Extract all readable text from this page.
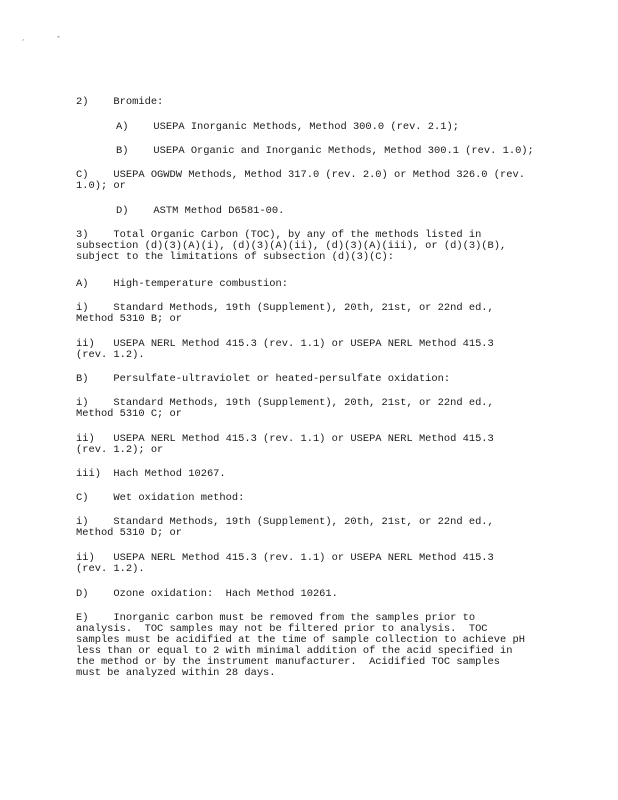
,	"
2)    Bromide:
A)    USEPA Inorganic Methods, Method 300.0 (rev. 2.1);
B)    USEPA Organic and Inorganic Methods, Method 300.1 (rev. 1.0);
C)    USEPA OGWDW Methods, Method 317.0 (rev. 2.0) or Method 326.0 (rev.
1.0); or
D)    ASTM Method D6581-00.
3)    Total Organic Carbon (TOC), by any of the methods listed in
subsection (d)(3)(A)(i), (d)(3)(A)(ii), (d)(3)(A)(iii), or (d)(3)(B),
subject to the limitations of subsection (d)(3)(C):
A)    High-temperature combustion:
i)    Standard Methods, 19th (Supplement), 20th, 21st, or 22nd ed.,
Method 5310 B; or
ii)   USEPA NERL Method 415.3 (rev. 1.1) or USEPA NERL Method 415.3
(rev. 1.2).
B)    Persulfate-ultraviolet or heated-persulfate oxidation:
i)    Standard Methods, 19th (Supplement), 20th, 21st, or 22nd ed.,
Method 5310 C; or
ii)   USEPA NERL Method 415.3 (rev. 1.1) or USEPA NERL Method 415.3
(rev. 1.2); or
iii)  Hach Method 10267.
C)    Wet oxidation method:
i)    Standard Methods, 19th (Supplement), 20th, 21st, or 22nd ed.,
Method 5310 D; or
ii)   USEPA NERL Method 415.3 (rev. 1.1) or USEPA NERL Method 415.3
(rev. 1.2).
D)    Ozone oxidation:  Hach Method 10261.
E)    Inorganic carbon must be removed from the samples prior to
analysis.  TOC samples may not be filtered prior to analysis.  TOC
samples must be acidified at the time of sample collection to achieve pH
less than or equal to 2 with minimal addition of the acid specified in
the method or by the instrument manufacturer.  Acidified TOC samples
must be analyzed within 28 days.
